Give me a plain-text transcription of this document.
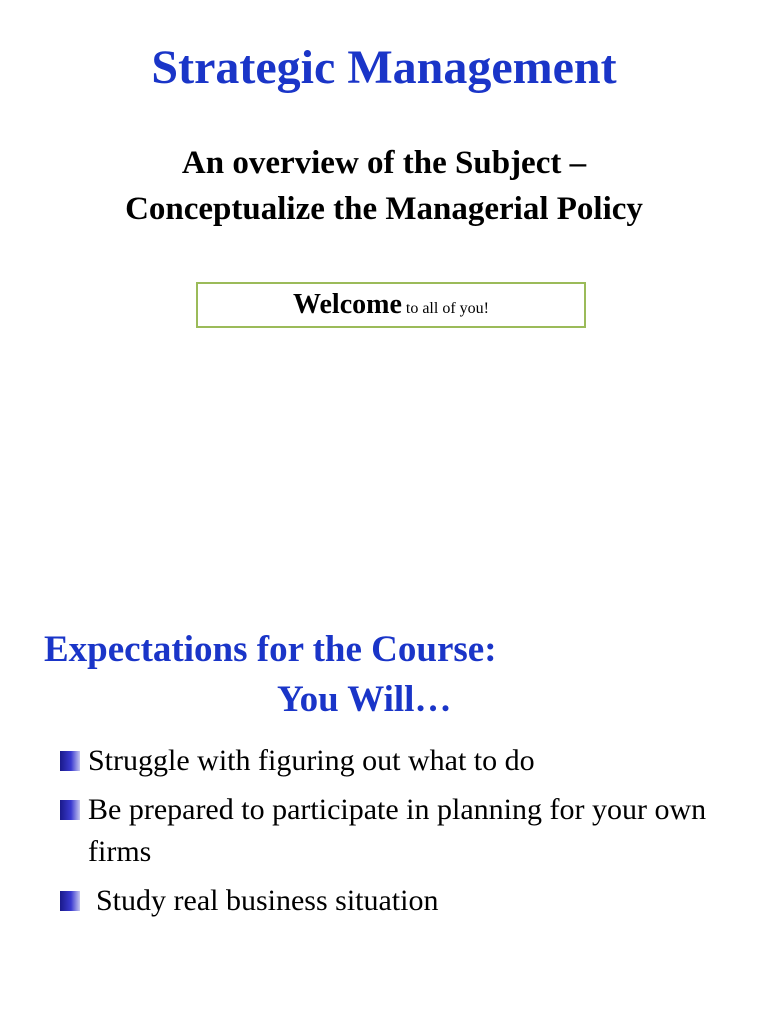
Strategic Management
An overview of the Subject –
Conceptualize the Managerial Policy
Welcome to all of you!
Expectations for the Course:
You Will…
Struggle with figuring out what to do
Be prepared to participate in planning for your own firms
Study real business situation
